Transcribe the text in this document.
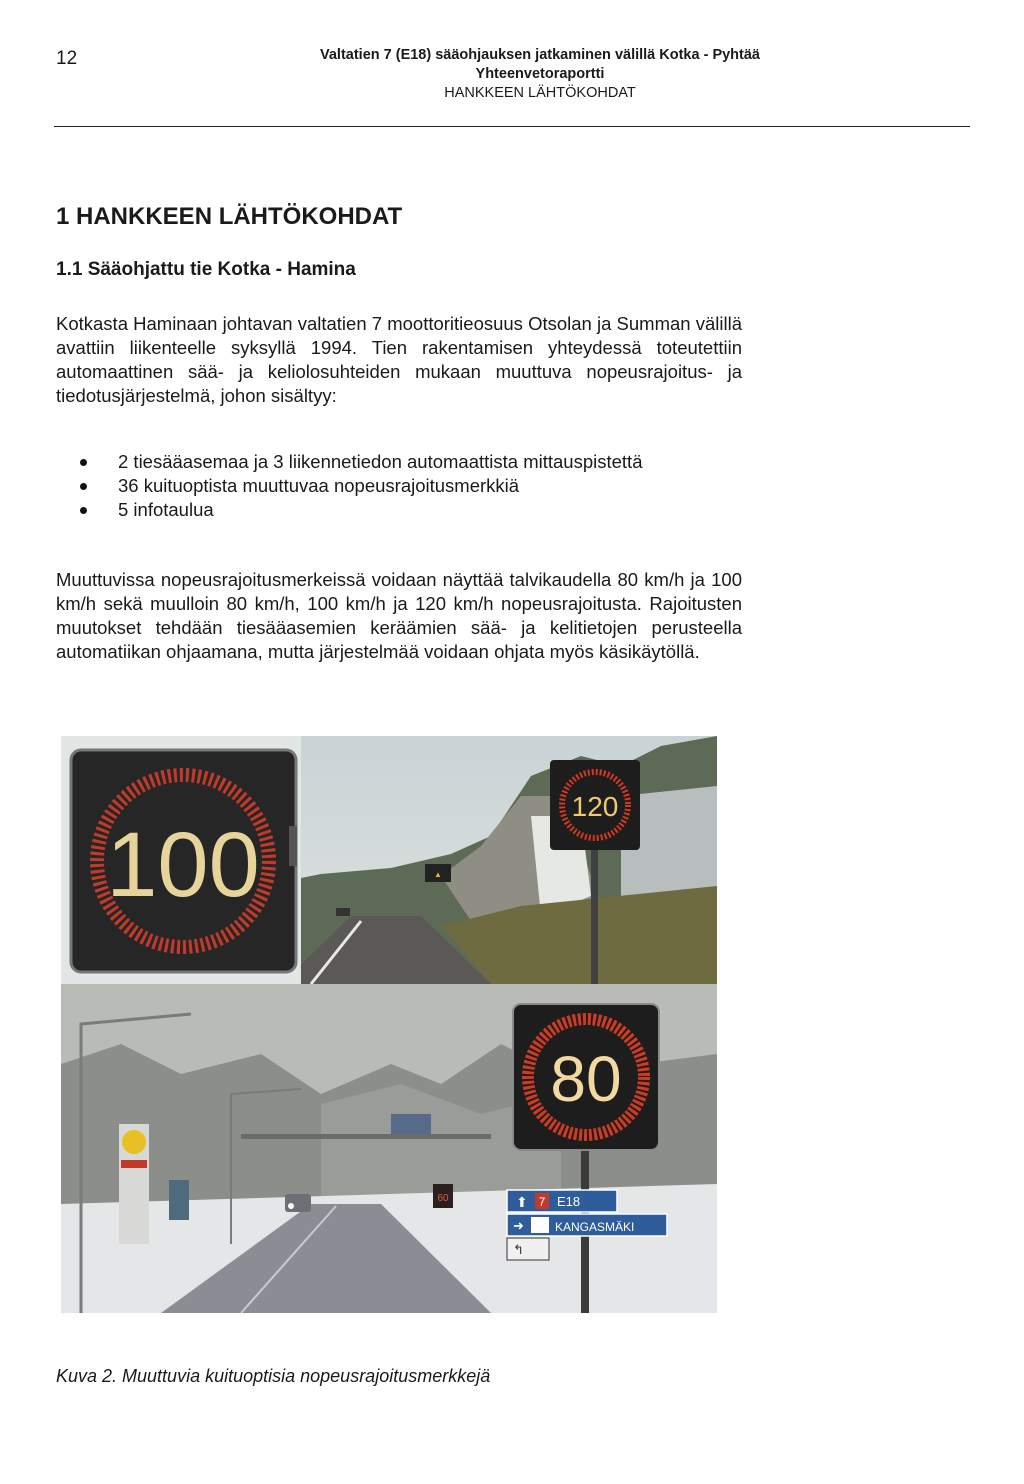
12	Valtatien 7 (E18) sääohjauksen jatkaminen välillä Kotka - Pyhtää
Yhteenvetoraportti
HANKKEEN LÄHTÖKOHDAT
1 HANKKEEN LÄHTÖKOHDAT
1.1 Sääohjattu tie Kotka - Hamina

Kotkasta Haminaan johtavan valtatien 7 moottoritieosuus Otsolan ja Summan välillä avattiin liikenteelle syksyllä 1994. Tien rakentamisen yhteydessä toteutettiin automaattinen sää- ja keliolosuhteiden mukaan muuttuva nopeusrajoitus- ja tiedotusjärjestelmä, johon sisältyy:

2 tiesääasemaa ja 3 liikennetiedon automaattista mittauspistettä
36 kuituoptista muuttuvaa nopeusrajoitusmerkkiä
5 infotaulua

Muuttuvissa nopeusrajoitusmerkeissä voidaan näyttää talvikaudella 80 km/h ja 100 km/h sekä muulloin 80 km/h, 100 km/h ja 120 km/h nopeusrajoitusta. Rajoitusten muutokset tehdään tiesääasemien keräämien sää- ja kelitietojen perusteella automatiikan ohjaamana, mutta järjestelmää voidaan ohjata myös käsikäytöllä.

▲
120
100
60
80
⬆ 7 E18
➜	KANGASMÄKI
↰

Kuva 2. Muuttuvia kuituoptisia nopeusrajoitusmerkkejä
